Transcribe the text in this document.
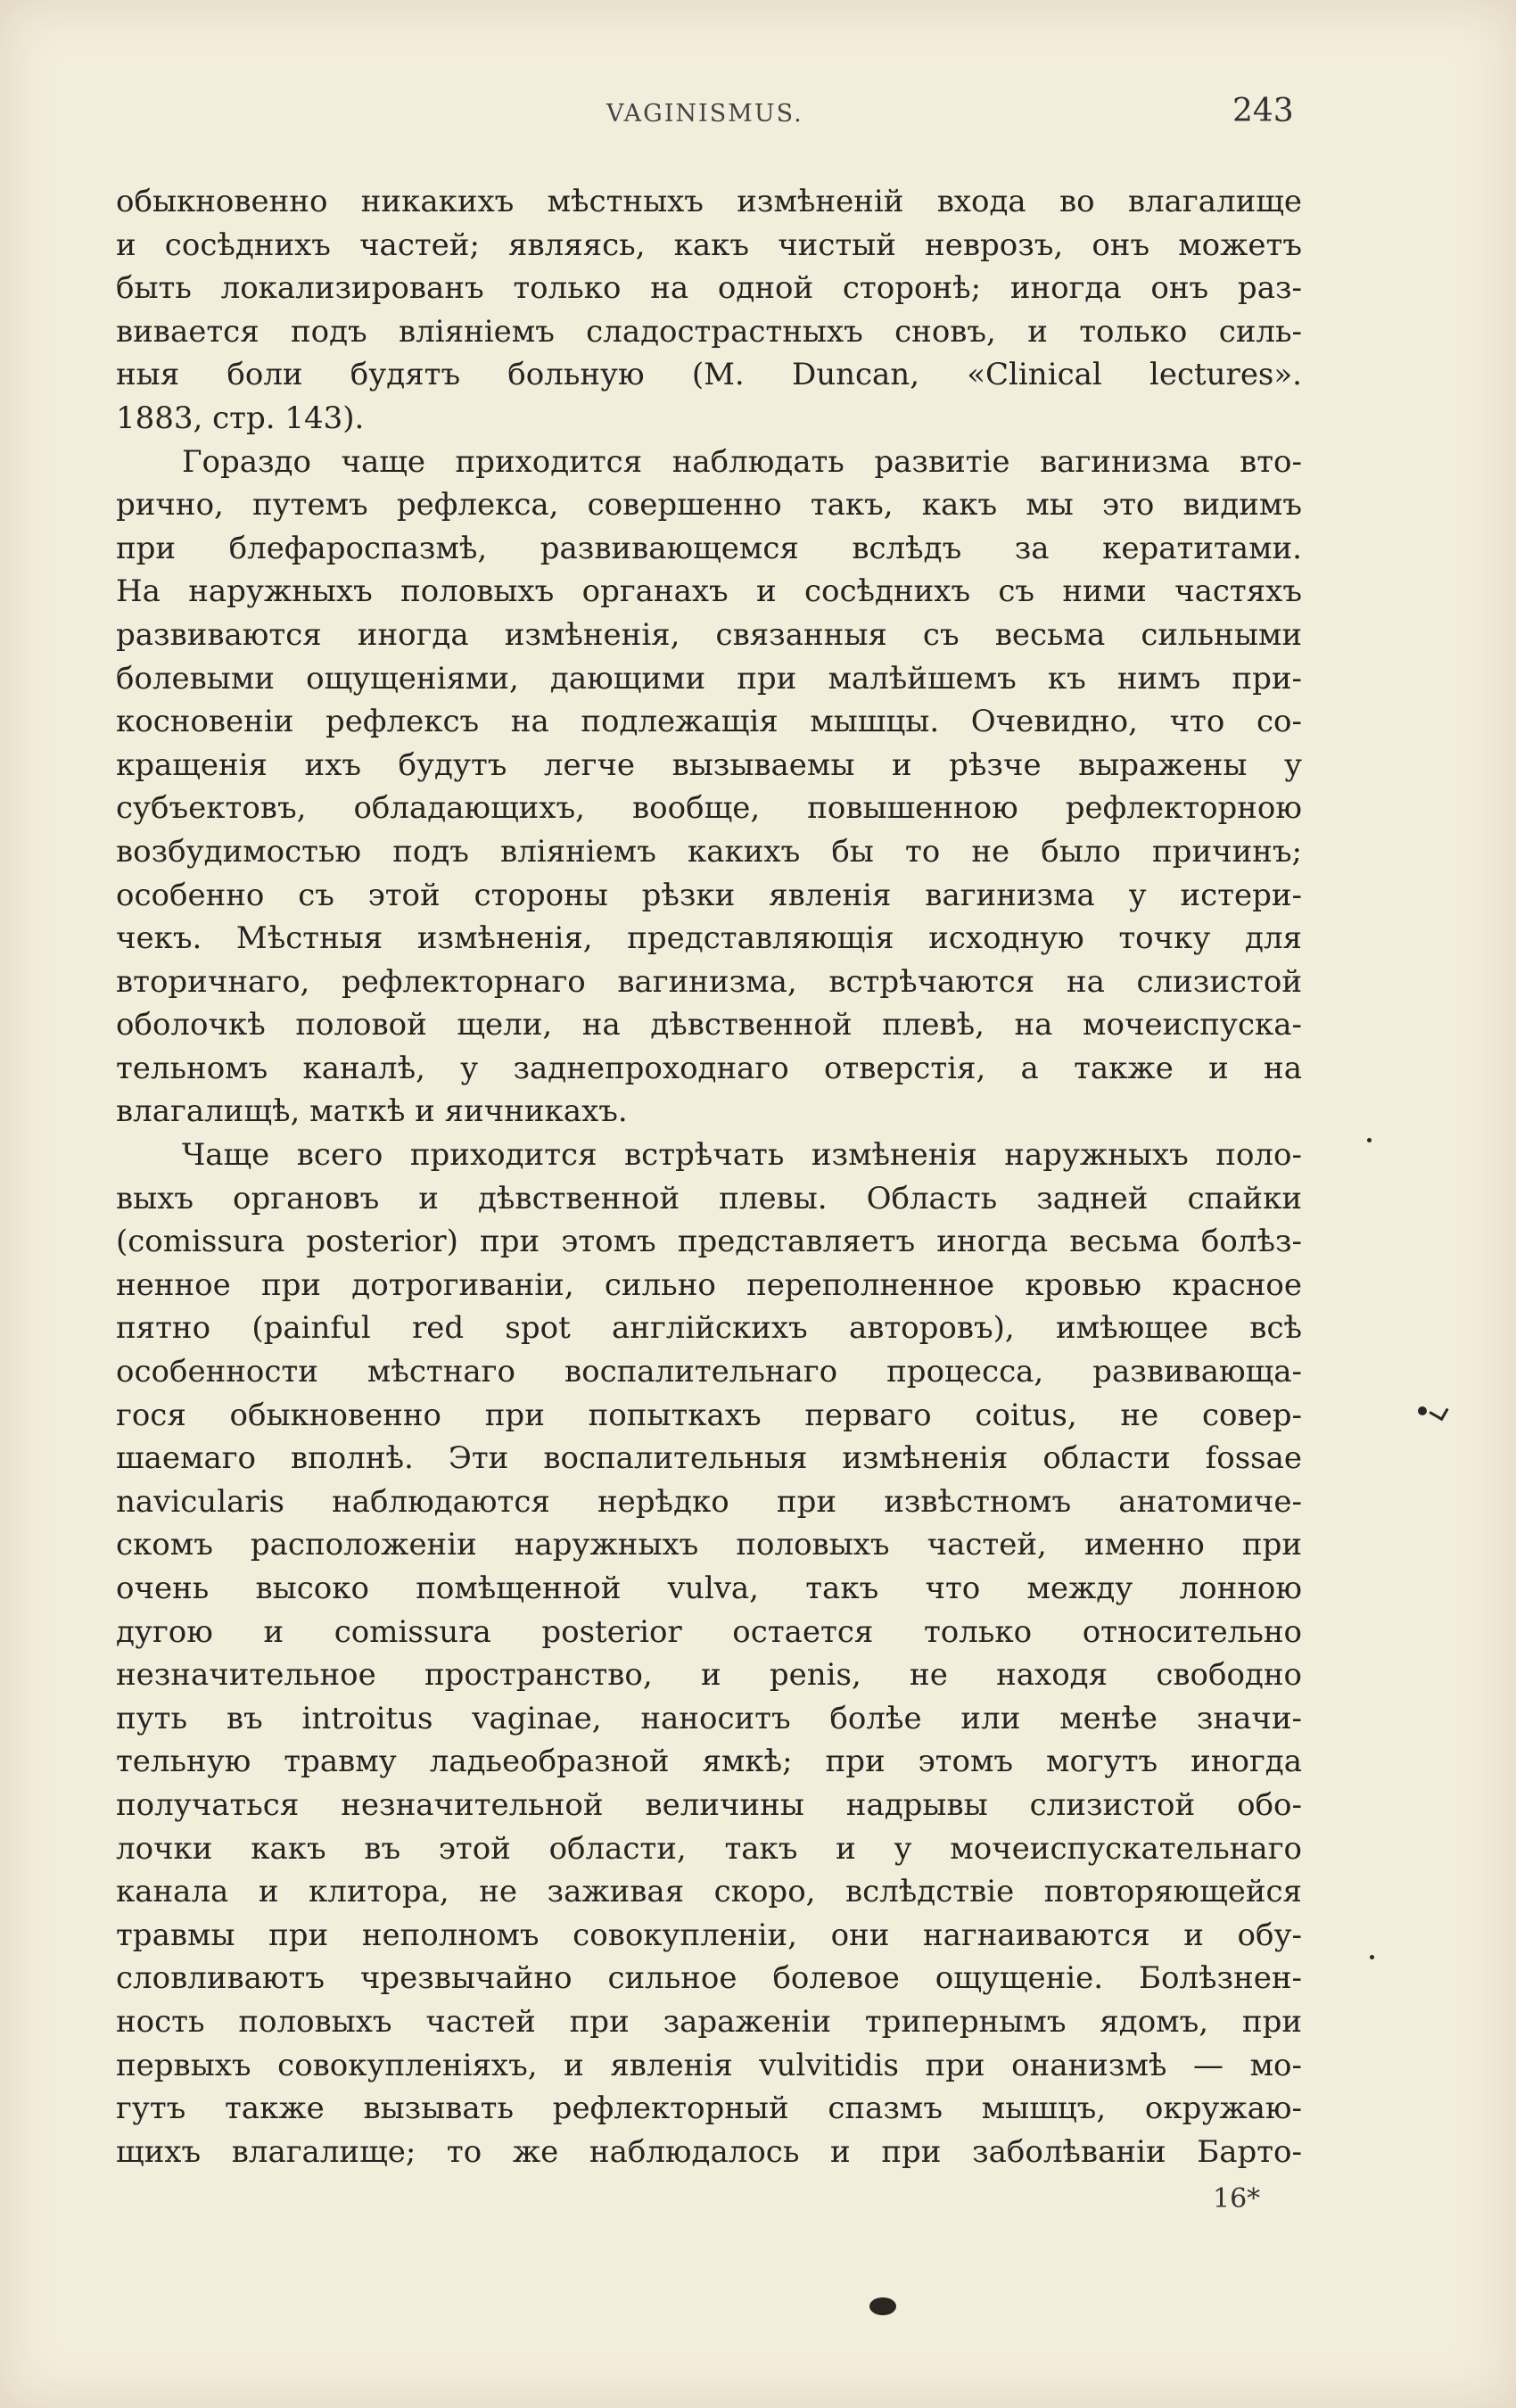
VAGINISMUS.	243
обыкновенно никакихъ мѣстныхъ измѣненій входа во влагалище
и сосѣднихъ частей; являясь, какъ чистый неврозъ, онъ можетъ
быть локализированъ только на одной сторонѣ; иногда онъ раз-
вивается подъ вліяніемъ сладострастныхъ сновъ, и только силь-
ныя боли будятъ больную (M. Duncan, «Clinical lectures».
1883, стр. 143).
Гораздо чаще приходится наблюдать развитіе вагинизма вто-
рично, путемъ рефлекса, совершенно такъ, какъ мы это видимъ
при блефароспазмѣ, развивающемся вслѣдъ за кератитами.
На наружныхъ половыхъ органахъ и сосѣднихъ съ ними частяхъ
развиваются иногда измѣненія, связанныя съ весьма сильными
болевыми ощущеніями, дающими при малѣйшемъ къ нимъ при-
косновеніи рефлексъ на подлежащія мышцы. Очевидно, что со-
кращенія ихъ будутъ легче вызываемы и рѣзче выражены у
субъектовъ, обладающихъ, вообще, повышенною рефлекторною
возбудимостью подъ вліяніемъ какихъ бы то не было причинъ;
особенно съ этой стороны рѣзки явленія вагинизма у истери-
чекъ. Мѣстныя измѣненія, представляющія исходную точку для
вторичнаго, рефлекторнаго вагинизма, встрѣчаются на слизистой
оболочкѣ половой щели, на дѣвственной плевѣ, на мочеиспуска-
тельномъ каналѣ, у заднепроходнаго отверстія, а также и на
влагалищѣ, маткѣ и яичникахъ.
Чаще всего приходится встрѣчать измѣненія наружныхъ поло-
выхъ органовъ и дѣвственной плевы. Область задней спайки
(comissura posterior) при этомъ представляетъ иногда весьма болѣз-
ненное при дотрогиваніи, сильно переполненное кровью красное
пятно (painful red spot англійскихъ авторовъ), имѣющее всѣ
особенности мѣстнаго воспалительнаго процесса, развивающа-
гося обыкновенно при попыткахъ перваго coitus, не совер-
шаемаго вполнѣ. Эти воспалительныя измѣненія области fossae
navicularis наблюдаются нерѣдко при извѣстномъ анатомиче-
скомъ расположеніи наружныхъ половыхъ частей, именно при
очень высоко помѣщенной vulva, такъ что между лонною
дугою и comissura posterior остается только относительно
незначительное пространство, и penis, не находя свободно
путь въ introitus vaginae, наноситъ болѣе или менѣе значи-
тельную травму ладьеобразной ямкѣ; при этомъ могутъ иногда
получаться незначительной величины надрывы слизистой обо-
лочки какъ въ этой области, такъ и у мочеиспускательнаго
канала и клитора, не заживая скоро, вслѣдствіе повторяющейся
травмы при неполномъ совокупленіи, они нагнаиваются и обу-
словливаютъ чрезвычайно сильное болевое ощущеніе. Болѣзнен-
ность половыхъ частей при зараженіи трипернымъ ядомъ, при
первыхъ совокупленіяхъ, и явленія vulvitidis при онанизмѣ — мо-
гутъ также вызывать рефлекторный спазмъ мышцъ, окружаю-
щихъ влагалище; то же наблюдалось и при заболѣваніи Барто-
16*
